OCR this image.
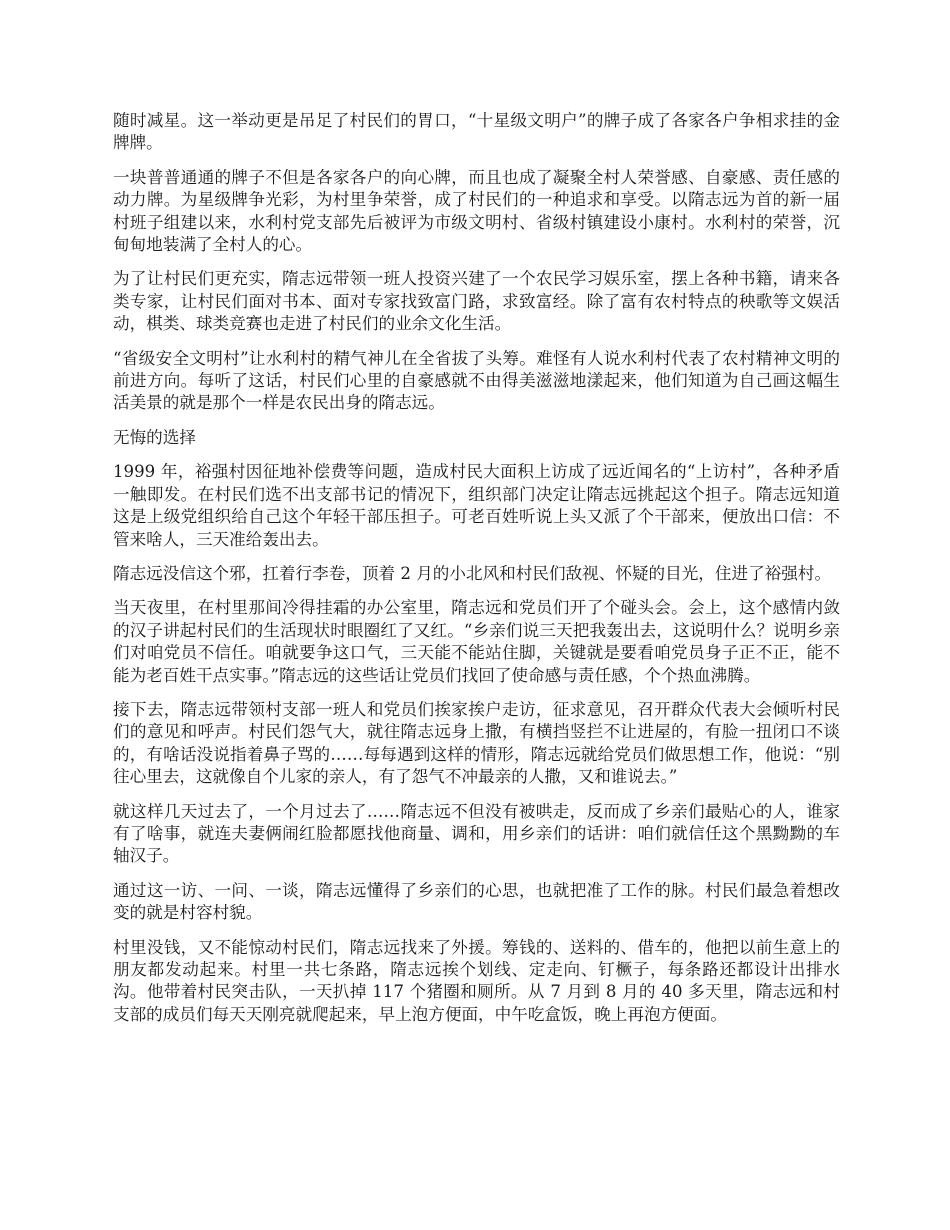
随时减星。这一举动更是吊足了村民们的胃口，“十星级文明户”的牌子成了各家各户争相求挂的金牌牌。

一块普普通通的牌子不但是各家各户的向心牌，而且也成了凝聚全村人荣誉感、自豪感、责任感的动力牌。为星级牌争光彩，为村里争荣誉，成了村民们的一种追求和享受。以隋志远为首的新一届村班子组建以来，水利村党支部先后被评为市级文明村、省级村镇建设小康村。水利村的荣誉，沉甸甸地装满了全村人的心。

为了让村民们更充实，隋志远带领一班人投资兴建了一个农民学习娱乐室，摆上各种书籍，请来各类专家，让村民们面对书本、面对专家找致富门路，求致富经。除了富有农村特点的秧歌等文娱活动，棋类、球类竞赛也走进了村民们的业余文化生活。

“省级安全文明村”让水利村的精气神儿在全省拔了头筹。难怪有人说水利村代表了农村精神文明的前进方向。每听了这话，村民们心里的自豪感就不由得美滋滋地漾起来，他们知道为自己画这幅生活美景的就是那个一样是农民出身的隋志远。

无悔的选择

1999 年，裕强村因征地补偿费等问题，造成村民大面积上访成了远近闻名的“上访村”，各种矛盾一触即发。在村民们选不出支部书记的情况下，组织部门决定让隋志远挑起这个担子。隋志远知道这是上级党组织给自己这个年轻干部压担子。可老百姓听说上头又派了个干部来，便放出口信：不管来啥人，三天准给轰出去。

隋志远没信这个邪，扛着行李卷，顶着 2 月的小北风和村民们敌视、怀疑的目光，住进了裕强村。

当天夜里，在村里那间冷得挂霜的办公室里，隋志远和党员们开了个碰头会。会上，这个感情内敛的汉子讲起村民们的生活现状时眼圈红了又红。“乡亲们说三天把我轰出去，这说明什么？说明乡亲们对咱党员不信任。咱就要争这口气，三天能不能站住脚，关键就是要看咱党员身子正不正，能不能为老百姓干点实事。”隋志远的这些话让党员们找回了使命感与责任感，个个热血沸腾。

接下去，隋志远带领村支部一班人和党员们挨家挨户走访，征求意见，召开群众代表大会倾听村民们的意见和呼声。村民们怨气大，就往隋志远身上撒，有横挡竖拦不让进屋的，有脸一扭闭口不谈的，有啥话没说指着鼻子骂的……每每遇到这样的情形，隋志远就给党员们做思想工作，他说：“别往心里去，这就像自个儿家的亲人，有了怨气不冲最亲的人撒，又和谁说去。”

就这样几天过去了，一个月过去了……隋志远不但没有被哄走，反而成了乡亲们最贴心的人，谁家有了啥事，就连夫妻俩闹红脸都愿找他商量、调和，用乡亲们的话讲：咱们就信任这个黑黝黝的车轴汉子。

通过这一访、一问、一谈，隋志远懂得了乡亲们的心思，也就把准了工作的脉。村民们最急着想改变的就是村容村貌。

村里没钱，又不能惊动村民们，隋志远找来了外援。筹钱的、送料的、借车的，他把以前生意上的朋友都发动起来。村里一共七条路，隋志远挨个划线、定走向、钉橛子，每条路还都设计出排水沟。他带着村民突击队，一天扒掉 117 个猪圈和厕所。从 7 月到 8 月的 40 多天里，隋志远和村支部的成员们每天天刚亮就爬起来，早上泡方便面，中午吃盒饭，晚上再泡方便面。
